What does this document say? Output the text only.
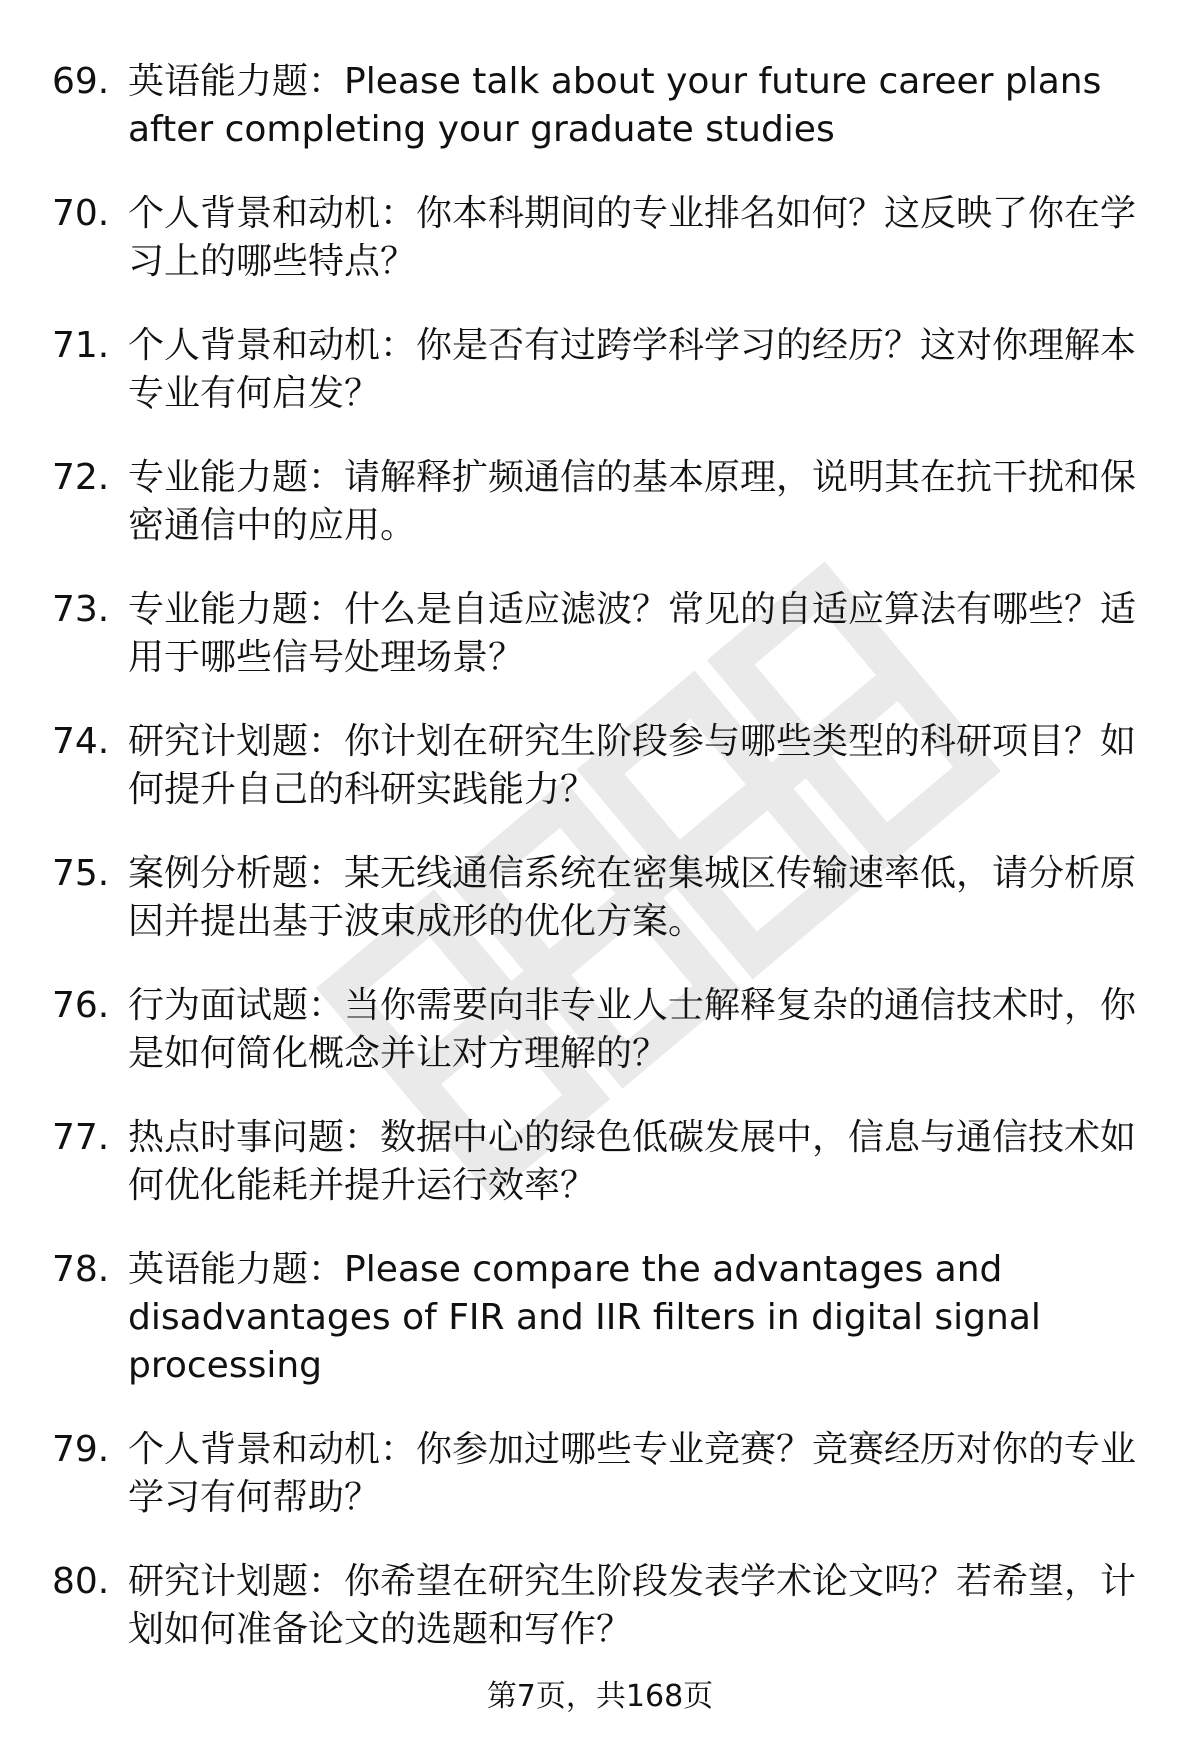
69. 英语能力题：Please talk about your future career plans after completing your graduate studies
70. 个人背景和动机：你本科期间的专业排名如何？这反映了你在学习上的哪些特点？
71. 个人背景和动机：你是否有过跨学科学习的经历？这对你理解本专业有何启发？
72. 专业能力题：请解释扩频通信的基本原理，说明其在抗干扰和保密通信中的应用。
73. 专业能力题：什么是自适应滤波？常见的自适应算法有哪些？适用于哪些信号处理场景？
74. 研究计划题：你计划在研究生阶段参与哪些类型的科研项目？如何提升自己的科研实践能力？
75. 案例分析题：某无线通信系统在密集城区传输速率低，请分析原因并提出基于波束成形的优化方案。
76. 行为面试题：当你需要向非专业人士解释复杂的通信技术时，你是如何简化概念并让对方理解的？
77. 热点时事问题：数据中心的绿色低碳发展中，信息与通信技术如何优化能耗并提升运行效率？
78. 英语能力题：Please compare the advantages and disadvantages of FIR and IIR filters in digital signal processing
79. 个人背景和动机：你参加过哪些专业竞赛？竞赛经历对你的专业学习有何帮助？
80. 研究计划题：你希望在研究生阶段发表学术论文吗？若希望，计划如何准备论文的选题和写作？
第7页，共168页
